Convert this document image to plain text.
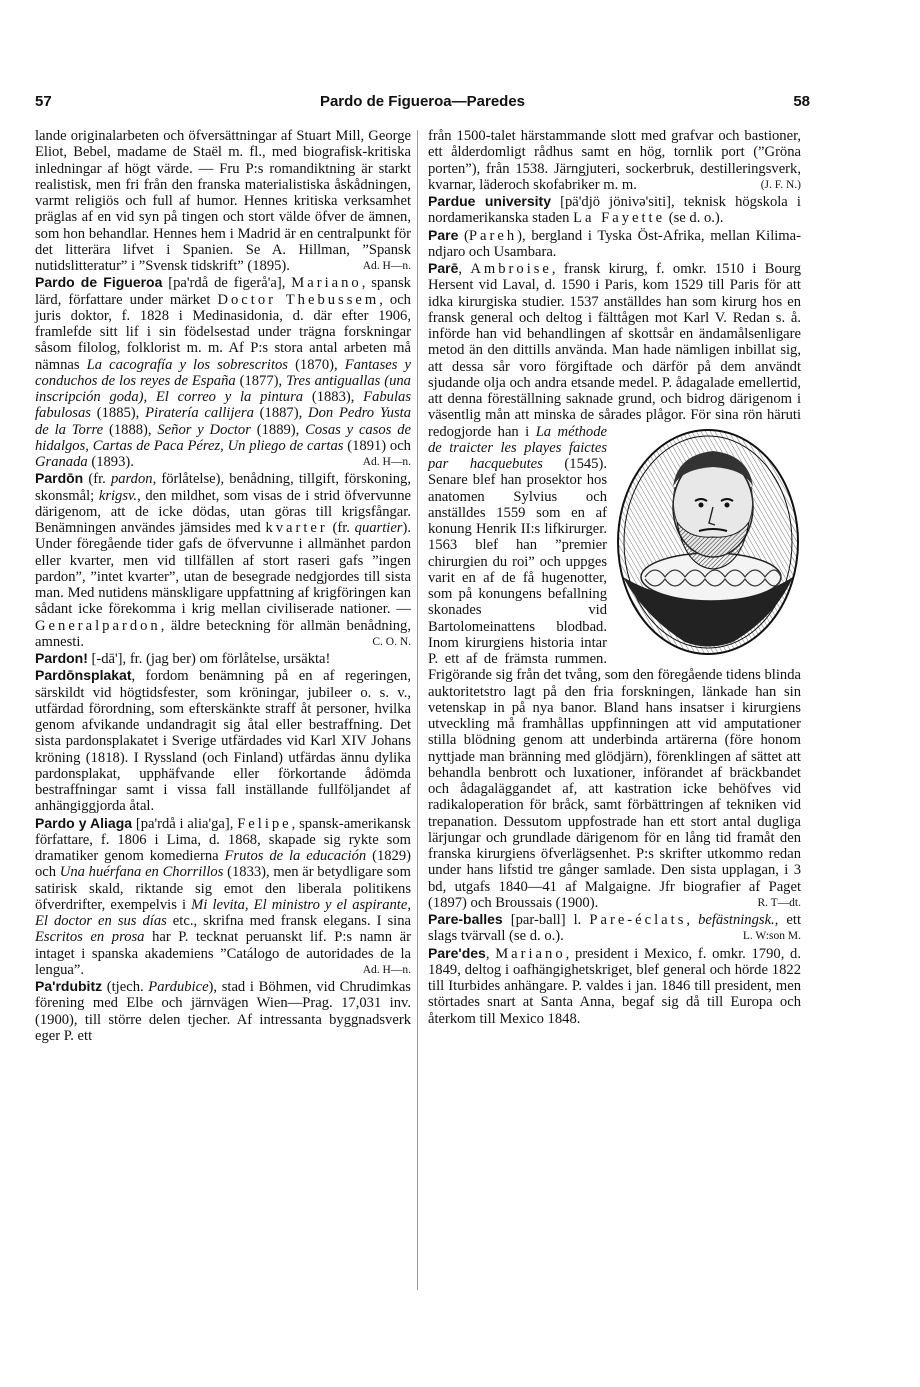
57	Pardo de Figueroa—Paredes	58

lande originalarbeten och öfversättningar af Stuart Mill, George Eliot, Bebel, madame de Staël m. fl., med biografisk-kritiska inledningar af högt värde. — Fru P:s romandiktning är starkt realistisk, men fri från den franska materialistiska åskådningen, varmt religiös och full af humor. Hennes kritiska verksamhet präglas af en vid syn på tingen och stort välde öfver de ämnen, som hon behandlar. Hennes hem i Madrid är en centralpunkt för det litterära lifvet i Spanien. Se A. Hillman, ”Spansk nutidslitteratur” i ”Svensk tidskrift” (1895).	Ad. H—n.

Pardo de Figueroa [pa'rdå de figerå'a], Mariano, spansk lärd, författare under märket Doctor Thebussem, och juris doktor, f. 1828 i Medinasidonia, d. där efter 1906, framlefde sitt lif i sin födelsestad under trägna forskningar såsom filolog, folklorist m. m. Af P:s stora antal arbeten må nämnas La cacografía y los sobrescritos (1870), Fantases y conduchos de los reyes de España (1877), Tres antiguallas (una inscripción goda), El correo y la pintura (1883), Fabulas fabulosas (1885), Piratería callijera (1887), Don Pedro Yusta de la Torre (1888), Señor y Doctor (1889), Cosas y casos de hidalgos, Cartas de Paca Pérez, Un pliego de cartas (1891) och Granada (1893).	Ad. H—n.

Pardōn (fr. pardon, förlåtelse), benådning, tillgift, förskoning, skonsmål; krigsv., den mildhet, som visas de i strid öfvervunne därigenom, att de icke dödas, utan göras till krigsfångar. Benämningen användes jämsides med kvarter (fr. quartier). Under föregående tider gafs de öfvervunne i allmänhet pardon eller kvarter, men vid tillfällen af stort raseri gafs ”ingen pardon”, ”intet kvarter”, utan de besegrade nedgjordes till sista man. Med nutidens mänskligare uppfattning af krigföringen kan sådant icke förekomma i krig mellan civiliserade nationer. — Generalpardon, äldre beteckning för allmän benådning, amnesti.	C. O. N.

Pardon! [-dā'], fr. (jag ber) om förlåtelse, ursäkta!

Pardōnsplakat, fordom benämning på en af regeringen, särskildt vid högtidsfester, som kröningar, jubileer o. s. v., utfärdad förordning, som efterskänkte straff åt personer, hvilka genom afvikande undandragit sig åtal eller bestraffning. Det sista pardonsplakatet i Sverige utfärdades vid Karl XIV Johans kröning (1818). I Ryssland (och Finland) utfärdas ännu dylika pardonsplakat, upphäfvande eller förkortande ådömda bestraffningar samt i vissa fall inställande fullföljandet af anhängiggjorda åtal.

Pardo y Aliaga [pa'rdå i alia'ga], Felipe, spansk-amerikansk författare, f. 1806 i Lima, d. 1868, skapade sig rykte som dramatiker genom komedierna Frutos de la educación (1829) och Una huérfana en Chorrillos (1833), men är betydligare som satirisk skald, riktande sig emot den liberala politikens öfverdrifter, exempelvis i Mi levita, El ministro y el aspirante, El doctor en sus días etc., skrifna med fransk elegans. I sina Escritos en prosa har P. tecknat peruanskt lif. P:s namn är intaget i spanska akademiens ”Catálogo de autoridades de la lengua”.	Ad. H—n.

Pa'rdubitz (tjech. Pardubice), stad i Böhmen, vid Chrudimkas förening med Elbe och järnvägen Wien—Prag. 17,031 inv. (1900), till större delen tjecher. Af intressanta byggnadsverk eger P. ett

från 1500-talet härstammande slott med grafvar och bastioner, ett ålderdomligt rådhus samt en hög, tornlik port (”Gröna porten”), från 1538. Järngjuteri, sockerbruk, destilleringsverk, kvarnar, läderoch skofabriker m. m.	(J. F. N.)

Pardue university [pä'djö jönivə'siti], teknisk högskola i nordamerikanska staden La Fayette (se d. o.).

Pare (Pareh), bergland i Tyska Öst-Afrika, mellan Kilima-ndjaro och Usambara.

Parē, Ambroise, fransk kirurg, f. omkr. 1510 i Bourg Hersent vid Laval, d. 1590 i Paris, kom 1529 till Paris för att idka kirurgiska studier. 1537 anställdes han som kirurg hos en fransk general och deltog i fälttågen mot Karl V. Redan s. å. införde han vid behandlingen af skottsår en ändamålsenligare metod än den dittills använda. Man hade nämligen inbillat sig, att dessa sår voro förgiftade och därför på dem användt sjudande olja och andra etsande medel. P. ådagalade emellertid, att denna föreställning saknade grund, och bidrog därigenom i väsentlig mån att minska de sårades plågor. För sina rön häruti redogjorde han i
La méthode de traicter les playes faictes par hacquebutes (1545). Senare blef han prosektor hos anatomen Sylvius och anställdes 1559 som en af konung Henrik II:s lifkirurger. 1563 blef han ”premier chirurgien du roi” och uppges varit en af de få hugenotter, som på konungens befallning skonades vid Bartolomeinattens blodbad. Inom kirurgiens historia intar P. ett af de främsta rummen. Frigörande sig från det tvång, som den föregående tidens blinda auktoritetstro lagt på den fria forskningen, länkade han sin vetenskap in på nya banor. Bland hans insatser i kirurgiens utveckling må framhållas uppfinningen att vid amputationer stilla blödning genom att underbinda artärerna (före honom nyttjade man bränning med glödjärn), förenklingen af sättet att behandla benbrott och luxationer, införandet af bräckbandet och ådagaläggandet af, att kastration icke behöfves vid radikaloperation för bråck, samt förbättringen af tekniken vid trepanation. Dessutom uppfostrade han ett stort antal dugliga lärjungar och grundlade därigenom för en lång tid framåt den franska kirurgiens öfverlägsenhet. P:s skrifter utkommo redan under hans lifstid tre gånger samlade. Den sista upplagan, i 3 bd, utgafs 1840—41 af Malgaigne. Jfr biografier af Paget (1897) och Broussais (1900).	R. T—dt.

Pare-balles [par-ball] l. Pare-éclats, befästningsk., ett slags tvärvall (se d. o.).	L. W:son M.

Pare'des, Mariano, president i Mexico, f. omkr. 1790, d. 1849, deltog i oafhängighetskriget, blef general och hörde 1822 till Iturbides anhängare. P. valdes i jan. 1846 till president, men störtades snart at Santa Anna, begaf sig då till Europa och återkom till Mexico 1848.
